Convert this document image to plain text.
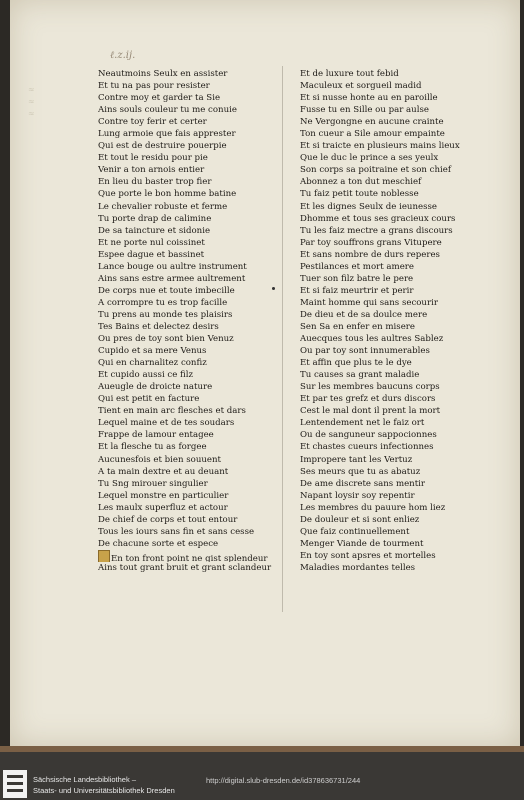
ℓ.z.ij.
≈
≈
≈
Neautmoins Seulx en assister
Et tu na pas pour resister
Contre moy et garder ta Sie
Ains souls couleur tu me conuie
Contre toy ferir et certer
Lung armoie que fais apprester
Qui est de destruire pouerpie
Et tout le residu pour pie
Venir a ton arnois entier
En lieu du baster trop fier
Que porte le bon homme batine
Le chevalier robuste et ferme
Tu porte drap de calimine
De sa taincture et sidonie
Et ne porte nul coissinet
Espee dague et bassinet
Lance bouge ou aultre instrument
Ains sans estre armee aultrement
De corps nue et toute imbecille
A corrompre tu es trop facille
Tu prens au monde tes plaisirs
Tes Bains et delectez desirs
Ou pres de toy sont bien Venuz
Cupido et sa mere Venus
Qui en charnalitez confiz
Et cupido aussi ce filz
Aueugle de droicte nature
Qui est petit en facture
Tient en main arc flesches et dars
Lequel maine et de tes soudars
Frappe de lamour entagee
Et la flesche tu as forgee
Aucunesfois et bien souuent
A ta main dextre et au deuant
Tu Sng mirouer singulier
Lequel monstre en particulier
Les maulx superfluz et actour
De chief de corps et tout entour
Tous les iours sans fin et sans cesse
De chacune sorte et espece
En ton front point ne gist splendeur
Ains tout grant bruit et grant sclandeur
Et de luxure tout febid
Maculeux et sorgueil madid
Et si nusse honte au en paroille
Fusse tu en Sille ou par aulse
Ne Vergongne en aucune crainte
Ton cueur a Sile amour empainte
Et si traicte en plusieurs mains lieux
Que le duc le prince a ses yeulx
Son corps sa poitraine et son chief
Abonnez a ton dut meschief
Tu faiz petit toute noblesse
Et les dignes Seulx de ieunesse
Dhomme et tous ses gracieux cours
Tu les faiz mectre a grans discours
Par toy souffrons grans Vitupere
Et sans nombre de durs reperes
Pestilances et mort amere
Tuer son filz batre le pere
Et si faiz meurtrir et perir
Maint homme qui sans secourir
De dieu et de sa doulce mere
Sen Sa en enfer en misere
Auecques tous les aultres Sablez
Ou par toy sont innumerables
Et affin que plus te le dye
Tu causes sa grant maladie
Sur les membres baucuns corps
Et par tes grefz et durs discors
Cest le mal dont il prent la mort
Lentendement net le faiz ort
Ou de sanguneur sappocionnes
Et chastes cueurs infectionnes
Impropere tant les Vertuz
Ses meurs que tu as abatuz
De ame discrete sans mentir
Napant loysir soy repentir
Les membres du pauure hom liez
De douleur et si sont enliez
Que faiz continuellement
Menger Viande de tourment
En toy sont apsres et mortelles
Maladies mordantes telles
Sächsische Landesbibliothek –
Staats- und Universitätsbibliothek Dresden
http://digital.slub-dresden.de/id378636731/244
